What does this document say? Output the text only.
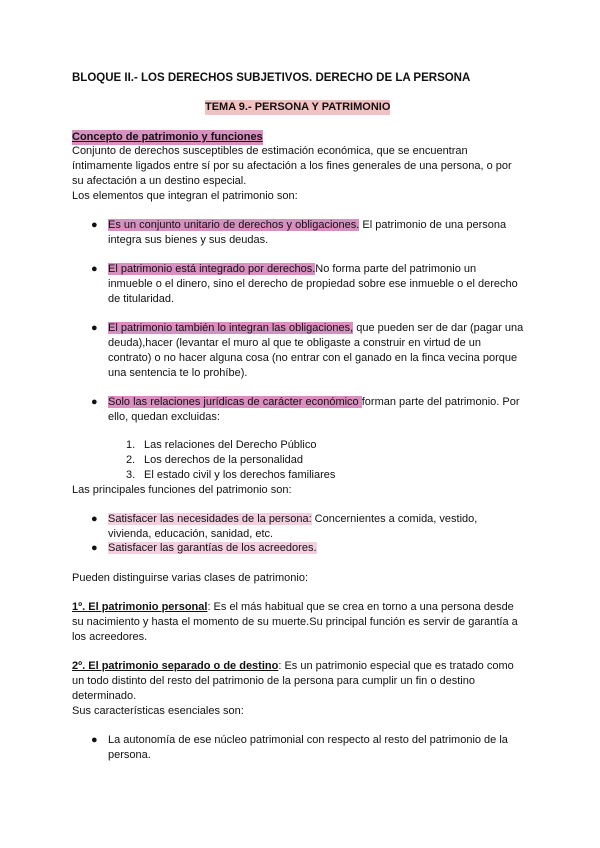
BLOQUE II.- LOS DERECHOS SUBJETIVOS. DERECHO DE LA PERSONA
TEMA 9.- PERSONA Y PATRIMONIO
Concepto de patrimonio y funciones
Conjunto de derechos susceptibles de estimación económica, que se encuentran
íntimamente ligados entre sí por su afectación a los fines generales de una persona, o por
su afectación a un destino especial.
Los elementos que integran el patrimonio son:
● Es un conjunto unitario de derechos y obligaciones. El patrimonio de una persona
integra sus bienes y sus deudas.
● El patrimonio está integrado por derechos.No forma parte del patrimonio un
inmueble o el dinero, sino el derecho de propiedad sobre ese inmueble o el derecho
de titularidad.
● El patrimonio también lo integran las obligaciones, que pueden ser de dar (pagar una
deuda),hacer (levantar el muro al que te obligaste a construir en virtud de un
contrato) o no hacer alguna cosa (no entrar con el ganado en la finca vecina porque
una sentencia te lo prohíbe).
● Solo las relaciones jurídicas de carácter económico forman parte del patrimonio. Por
ello, quedan excluidas:
1. Las relaciones del Derecho Público
2. Los derechos de la personalidad
3. El estado civil y los derechos familiares
Las principales funciones del patrimonio son:
● Satisfacer las necesidades de la persona: Concernientes a comida, vestido,
vivienda, educación, sanidad, etc.
● Satisfacer las garantías de los acreedores.
Pueden distinguirse varias clases de patrimonio:
1º. El patrimonio personal: Es el más habitual que se crea en torno a una persona desde
su nacimiento y hasta el momento de su muerte.Su principal función es servir de garantía a
los acreedores.
2º. El patrimonio separado o de destino: Es un patrimonio especial que es tratado como
un todo distinto del resto del patrimonio de la persona para cumplir un fin o destino
determinado.
Sus características esenciales son:
● La autonomía de ese núcleo patrimonial con respecto al resto del patrimonio de la
persona.
